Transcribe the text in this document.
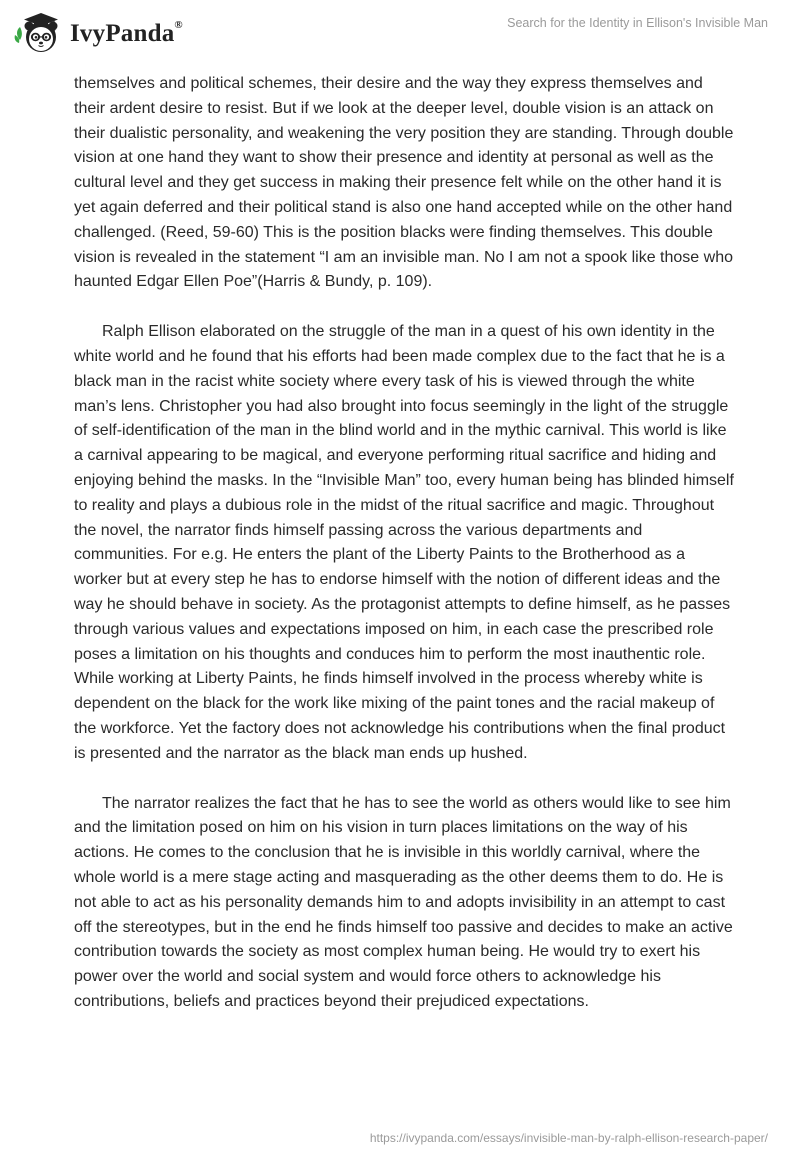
IvyPanda®	Search for the Identity in Ellison's Invisible Man

themselves and political schemes, their desire and the way they express themselves and their ardent desire to resist. But if we look at the deeper level, double vision is an attack on their dualistic personality, and weakening the very position they are standing. Through double vision at one hand they want to show their presence and identity at personal as well as the cultural level and they get success in making their presence felt while on the other hand it is yet again deferred and their political stand is also one hand accepted while on the other hand challenged. (Reed, 59-60) This is the position blacks were finding themselves. This double vision is revealed in the statement “I am an invisible man. No I am not a spook like those who haunted Edgar Ellen Poe”(Harris & Bundy, p. 109).

Ralph Ellison elaborated on the struggle of the man in a quest of his own identity in the white world and he found that his efforts had been made complex due to the fact that he is a black man in the racist white society where every task of his is viewed through the white man’s lens. Christopher you had also brought into focus seemingly in the light of the struggle of self-identification of the man in the blind world and in the mythic carnival. This world is like a carnival appearing to be magical, and everyone performing ritual sacrifice and hiding and enjoying behind the masks. In the “Invisible Man” too, every human being has blinded himself to reality and plays a dubious role in the midst of the ritual sacrifice and magic. Throughout the novel, the narrator finds himself passing across the various departments and communities. For e.g. He enters the plant of the Liberty Paints to the Brotherhood as a worker but at every step he has to endorse himself with the notion of different ideas and the way he should behave in society. As the protagonist attempts to define himself, as he passes through various values and expectations imposed on him, in each case the prescribed role poses a limitation on his thoughts and conduces him to perform the most inauthentic role. While working at Liberty Paints, he finds himself involved in the process whereby white is dependent on the black for the work like mixing of the paint tones and the racial makeup of the workforce. Yet the factory does not acknowledge his contributions when the final product is presented and the narrator as the black man ends up hushed.

The narrator realizes the fact that he has to see the world as others would like to see him and the limitation posed on him on his vision in turn places limitations on the way of his actions. He comes to the conclusion that he is invisible in this worldly carnival, where the whole world is a mere stage acting and masquerading as the other deems them to do. He is not able to act as his personality demands him to and adopts invisibility in an attempt to cast off the stereotypes, but in the end he finds himself too passive and decides to make an active contribution towards the society as most complex human being. He would try to exert his power over the world and social system and would force others to acknowledge his contributions, beliefs and practices beyond their prejudiced expectations.

https://ivypanda.com/essays/invisible-man-by-ralph-ellison-research-paper/
